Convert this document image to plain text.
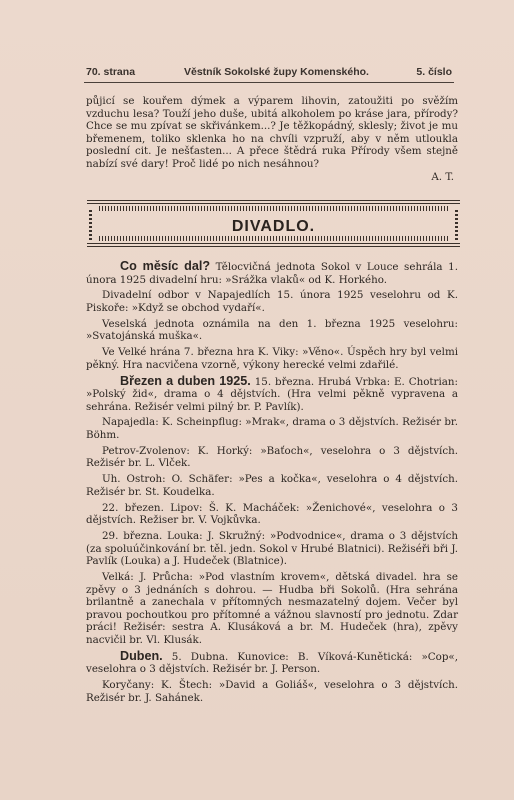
70. strana	Věstník Sokolské župy Komenského.	5. číslo

půjicí se kouřem dýmek a výparem lihovin, zatoužiti po svěžím vzduchu lesa? Touží jeho duše, ubitá alkoholem po kráse jara, přírody? Chce se mu zpívat se skřivánkem...? Je těžkopádný, sklesly; život je mu břemenem, toliko sklenka ho na chvíli vzpruží, aby v něm utloukla poslední cit. Je nešťasten... A přece štědrá ruka Přírody všem stejně nabízí své dary! Proč lidé po nich nesáhnou?

A. T.
DIVADLO.

Co měsíc dal? Tělocvičná jednota Sokol v Louce sehrála 1. února 1925 divadelní hru: »Srážka vlaků« od K. Horkého.

Divadelní odbor v Napajedlích 15. února 1925 veselohru od K. Piskoře: »Když se obchod vydaří«.

Veselská jednota oznámila na den 1. března 1925 veselohru: »Svatojánská muška«.

Ve Velké hrána 7. března hra K. Viky: »Věno«. Úspěch hry byl velmi pěkný. Hra nacvičena vzorně, výkony herecké velmi zdařilé.

Březen a duben 1925. 15. března. Hrubá Vrbka: E. Chotrian: »Polský žid«, drama o 4 dějstvích. (Hra velmi pěkně vypravena a sehrána. Režisér velmi pilný br. P. Pavlík).

Napajedla: K. Scheinpflug: »Mrak«, drama o 3 dějstvích. Režisér br. Böhm.

Petrov-Zvolenov: K. Horký: »Baťoch«, veselohra o 3 dějstvích. Režisér br. L. Vlček.

Uh. Ostroh: O. Schäfer: »Pes a kočka«, veselohra o 4 dějstvích. Režisér br. St. Koudelka.

22. březen. Lipov: Š. K. Macháček: »Ženichové«, veselohra o 3 dějstvích. Režiser br. V. Vojkůvka.

29. března. Louka: J. Skružný: »Podvodnice«, drama o 3 dějstvích (za spoluúčinkování br. těl. jedn. Sokol v Hrubé Blatnici). Režiséři bři J. Pavlík (Louka) a J. Hudeček (Blatnice).

Velká: J. Průcha: »Pod vlastním krovem«, dětská divadel. hra se zpěvy o 3 jednáních s dohrou. — Hudba bři Sokolů. (Hra sehrána brilantně a zanechala v přítomných nesmazatelný dojem. Večer byl pravou pochoutkou pro přítomné a vážnou slavností pro jednotu. Zdar práci! Režisér: sestra A. Klusáková a br. M. Hudeček (hra), zpěvy nacvičil br. Vl. Klusák.

Duben. 5. Dubna. Kunovice: B. Víková-Kunětická: »Cop«, veselohra o 3 dějstvích. Režisér br. J. Person.

Koryčany: K. Štech: »David a Goliáš«, veselohra o 3 dějstvích. Režisér br. J. Sahánek.
